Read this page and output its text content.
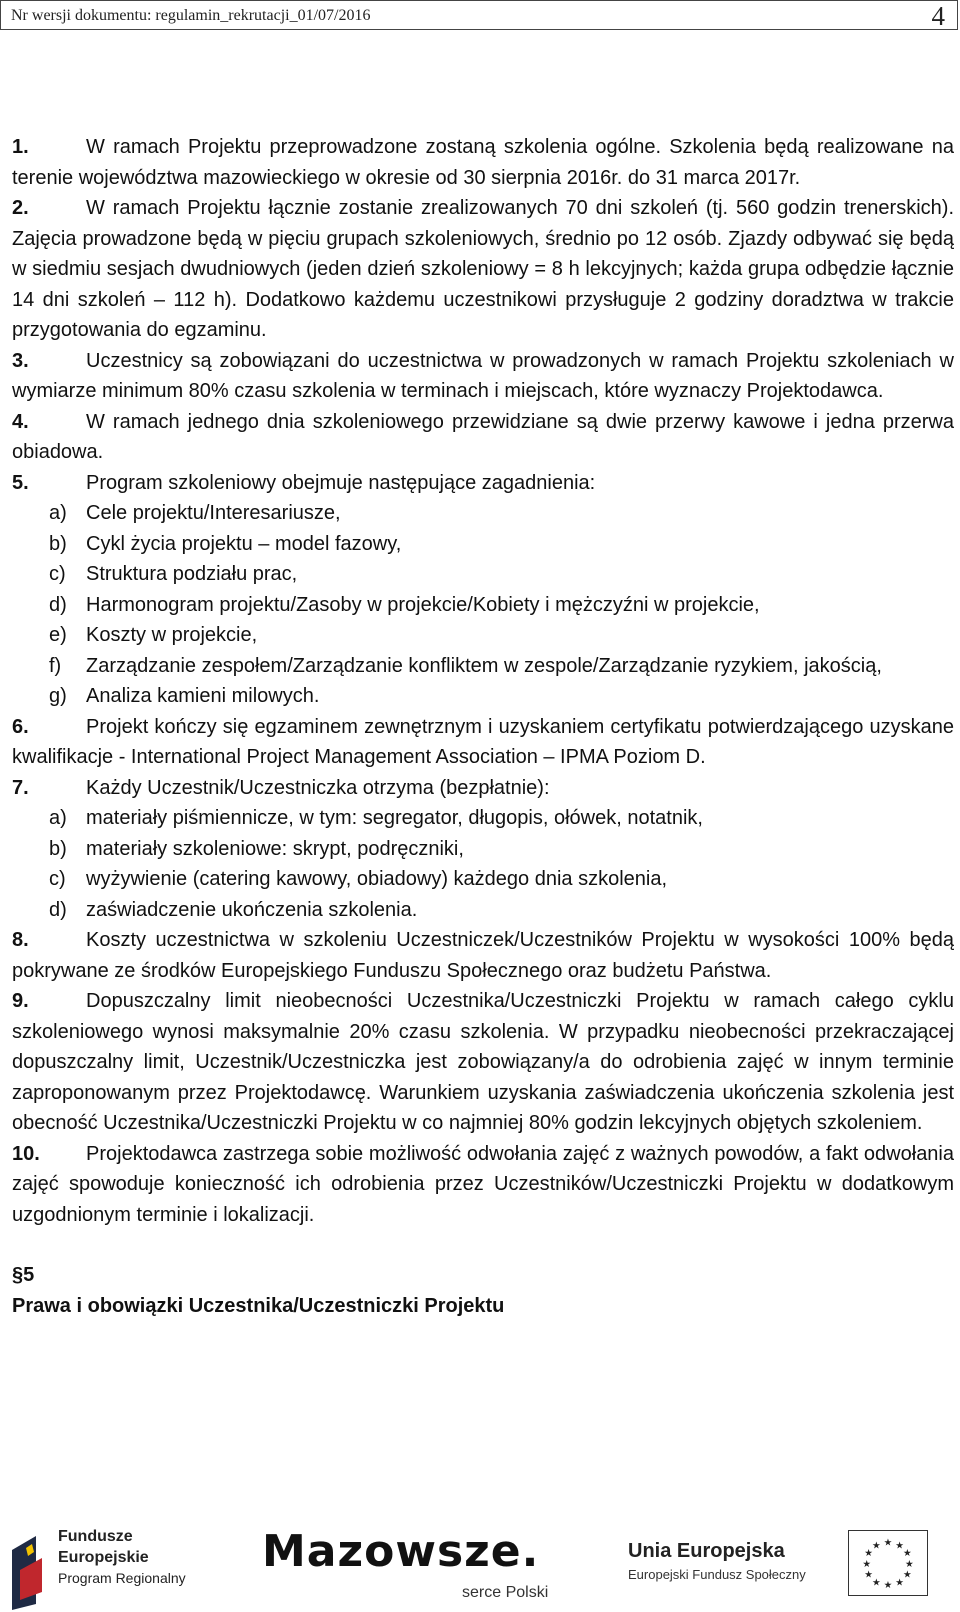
Nr wersji dokumentu: regulamin_rekrutacji_01/07/2016	4

1.	W ramach Projektu przeprowadzone zostaną szkolenia ogólne. Szkolenia będą realizowane na terenie województwa mazowieckiego w okresie od 30 sierpnia 2016r. do 31 marca 2017r.

2.	W ramach Projektu łącznie zostanie zrealizowanych 70 dni szkoleń (tj. 560 godzin trenerskich). Zajęcia prowadzone będą w pięciu grupach szkoleniowych, średnio po 12 osób. Zjazdy odbywać się będą w siedmiu sesjach dwudniowych (jeden dzień szkoleniowy = 8 h lekcyjnych; każda grupa odbędzie łącznie 14 dni szkoleń – 112 h). Dodatkowo każdemu uczestnikowi przysługuje 2 godziny doradztwa w trakcie przygotowania do egzaminu.

3.	Uczestnicy są zobowiązani do uczestnictwa w prowadzonych w ramach Projektu szkoleniach w wymiarze minimum 80% czasu szkolenia w terminach i miejscach, które wyznaczy Projektodawca.

4.	W ramach jednego dnia szkoleniowego przewidziane są dwie przerwy kawowe i jedna przerwa obiadowa.

5.	Program szkoleniowy obejmuje następujące zagadnienia:

a) Cele projektu/Interesariusze,

b) Cykl życia projektu – model fazowy,

c) Struktura podziału prac,

d) Harmonogram projektu/Zasoby w projekcie/Kobiety i mężczyźni w projekcie,

e) Koszty w projekcie,

f) Zarządzanie zespołem/Zarządzanie konfliktem w zespole/Zarządzanie ryzykiem, jakością,

g) Analiza kamieni milowych.

6.	Projekt kończy się egzaminem zewnętrznym i uzyskaniem certyfikatu potwierdzającego uzyskane kwalifikacje - International Project Management Association – IPMA Poziom D.

7.	Każdy Uczestnik/Uczestniczka otrzyma (bezpłatnie):

a) materiały piśmiennicze, w tym: segregator, długopis, ołówek, notatnik,

b) materiały szkoleniowe: skrypt, podręczniki,

c) wyżywienie (catering kawowy, obiadowy) każdego dnia szkolenia,

d) zaświadczenie ukończenia szkolenia.

8.	Koszty uczestnictwa w szkoleniu Uczestniczek/Uczestników Projektu w wysokości 100% będą pokrywane ze środków Europejskiego Funduszu Społecznego oraz budżetu Państwa.

9.	Dopuszczalny limit nieobecności Uczestnika/Uczestniczki Projektu w ramach całego cyklu szkoleniowego wynosi maksymalnie 20% czasu szkolenia. W przypadku nieobecności przekraczającej dopuszczalny limit, Uczestnik/Uczestniczka jest zobowiązany/a do odrobienia zajęć w innym terminie zaproponowanym przez Projektodawcę. Warunkiem uzyskania zaświadczenia ukończenia szkolenia jest obecność Uczestnika/Uczestniczki Projektu w co najmniej 80% godzin lekcyjnych objętych szkoleniem.

10. Projektodawca zastrzega sobie możliwość odwołania zajęć z ważnych powodów, a fakt odwołania zajęć spowoduje konieczność ich odrobienia przez Uczestników/Uczestniczki Projektu w dodatkowym uzgodnionym terminie i lokalizacji.

§5
Prawa i obowiązki Uczestnika/Uczestniczki Projektu
Fundusze
Europejskie
Program Regionalny
Mazowsze.
serce Polski
Unia Europejska
Europejski Fundusz Społeczny
★ ★
★
★
★
★
★
★
★
★
★
★
